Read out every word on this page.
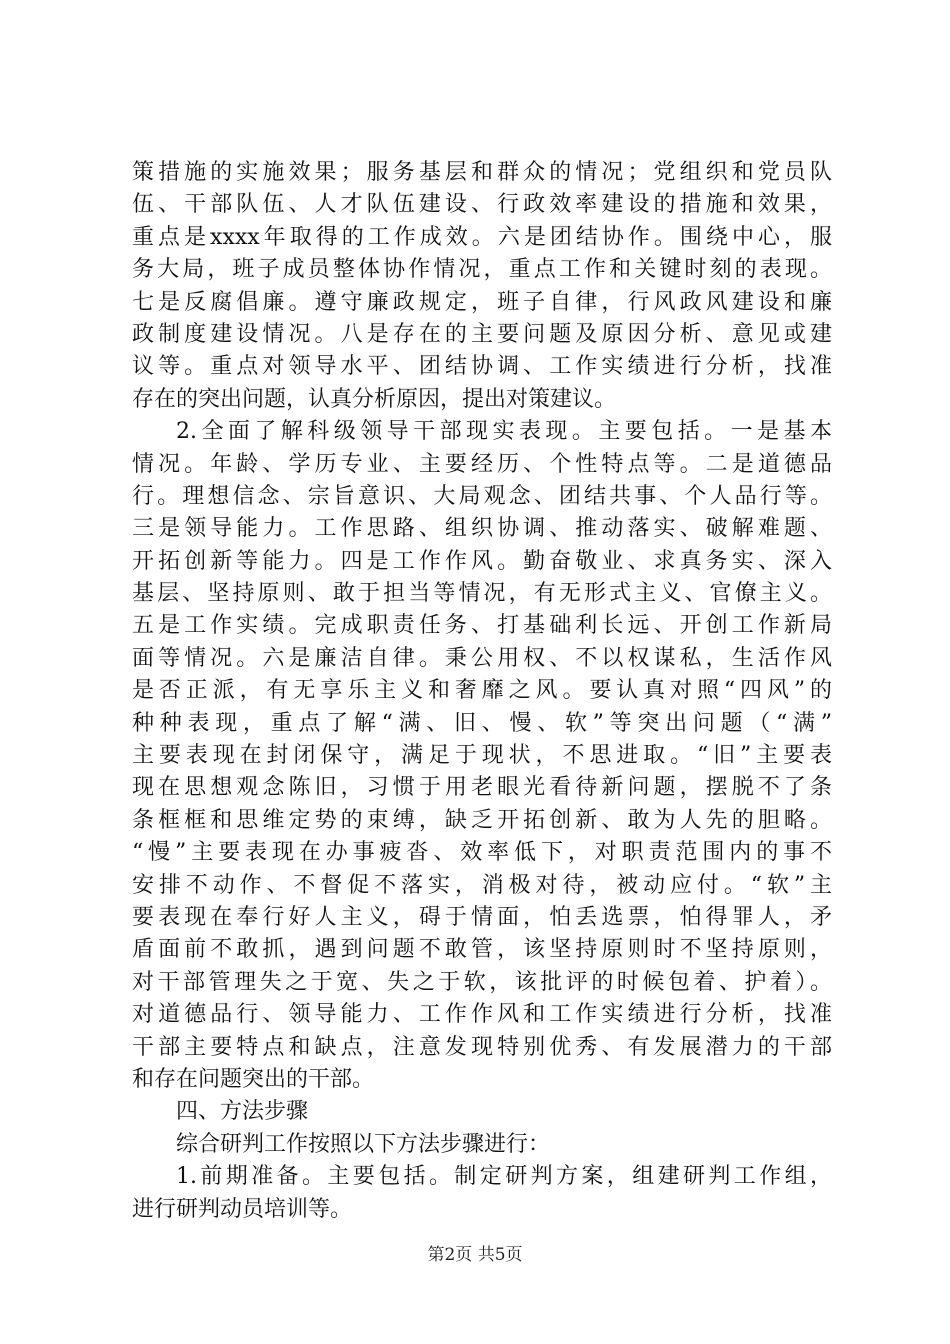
策措施的实施效果；服务基层和群众的情况；党组织和党员队
伍、干部队伍、人才队伍建设、行政效率建设的措施和效果，
重点是xxxx年取得的工作成效。六是团结协作。围绕中心，服
务大局，班子成员整体协作情况，重点工作和关键时刻的表现。
七是反腐倡廉。遵守廉政规定，班子自律，行风政风建设和廉
政制度建设情况。八是存在的主要问题及原因分析、意见或建
议等。重点对领导水平、团结协调、工作实绩进行分析，找准
存在的突出问题，认真分析原因，提出对策建议。
2.全面了解科级领导干部现实表现。主要包括。一是基本
情况。年龄、学历专业、主要经历、个性特点等。二是道德品
行。理想信念、宗旨意识、大局观念、团结共事、个人品行等。
三是领导能力。工作思路、组织协调、推动落实、破解难题、
开拓创新等能力。四是工作作风。勤奋敬业、求真务实、深入
基层、坚持原则、敢于担当等情况，有无形式主义、官僚主义。
五是工作实绩。完成职责任务、打基础利长远、开创工作新局
面等情况。六是廉洁自律。秉公用权、不以权谋私，生活作风
是否正派，有无享乐主义和奢靡之风。要认真对照“四风”的
种种表现，重点了解“满、旧、慢、软”等突出问题（“满”
主要表现在封闭保守，满足于现状，不思进取。“旧”主要表
现在思想观念陈旧，习惯于用老眼光看待新问题，摆脱不了条
条框框和思维定势的束缚，缺乏开拓创新、敢为人先的胆略。
“慢”主要表现在办事疲沓、效率低下，对职责范围内的事不
安排不动作、不督促不落实，消极对待，被动应付。“软”主
要表现在奉行好人主义，碍于情面，怕丢选票，怕得罪人，矛
盾面前不敢抓，遇到问题不敢管，该坚持原则时不坚持原则，
对干部管理失之于宽、失之于软，该批评的时候包着、护着）。
对道德品行、领导能力、工作作风和工作实绩进行分析，找准
干部主要特点和缺点，注意发现特别优秀、有发展潜力的干部
和存在问题突出的干部。
四、方法步骤
综合研判工作按照以下方法步骤进行：
1.前期准备。主要包括。制定研判方案，组建研判工作组，
进行研判动员培训等。
第2页 共5页
